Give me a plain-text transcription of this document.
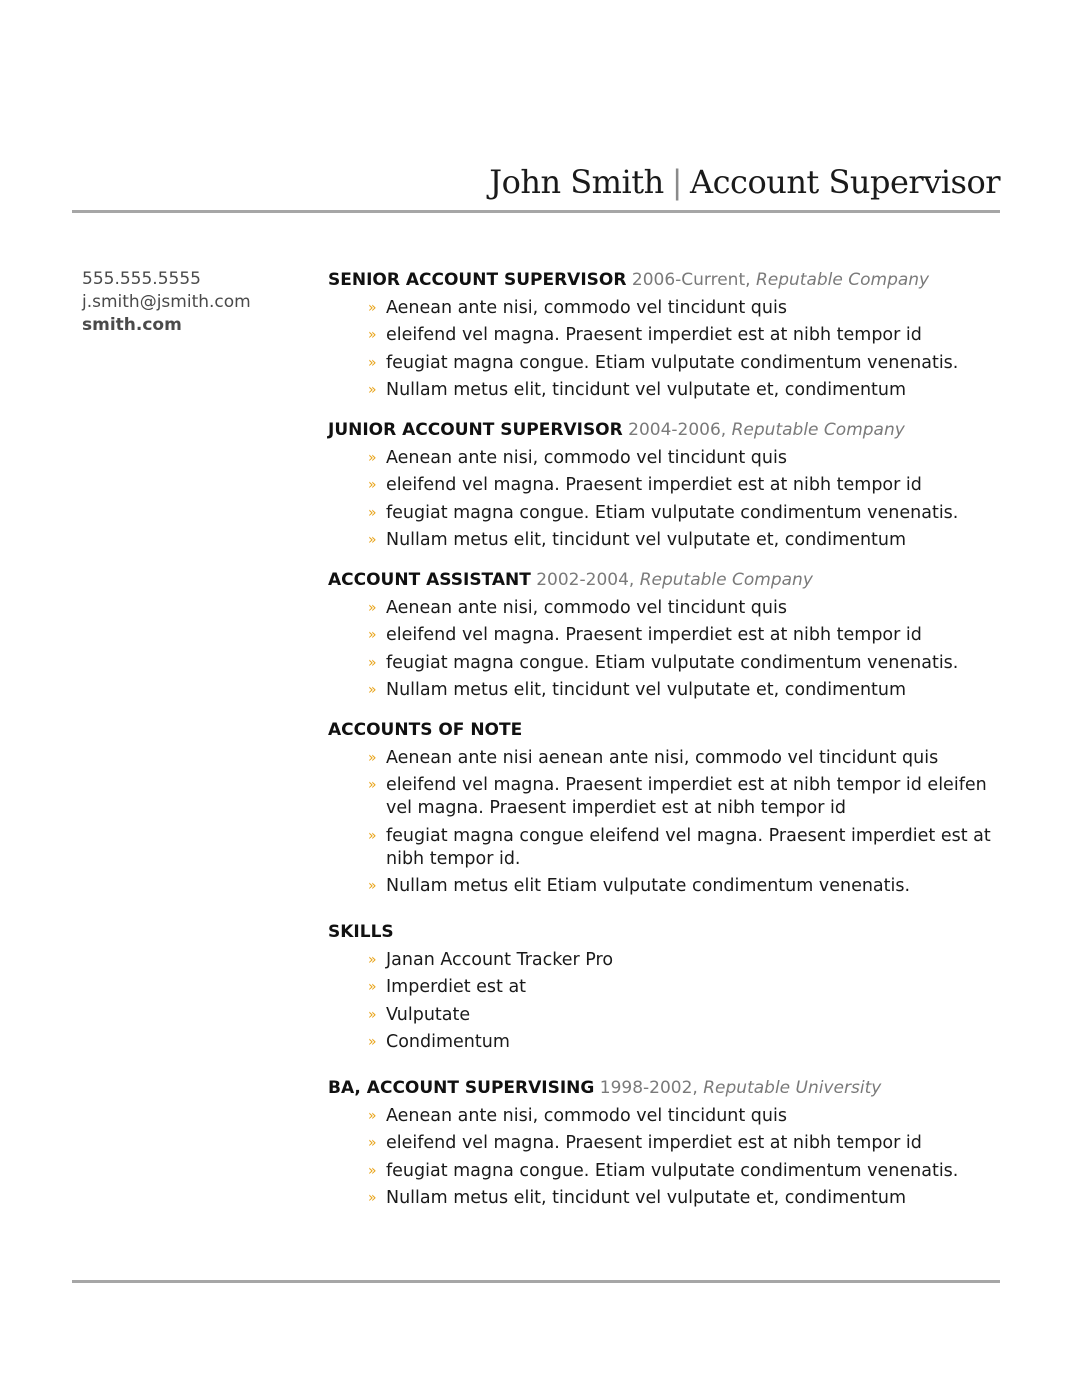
John Smith | Account Supervisor
555.555.5555
j.smith@jsmith.com
smith.com
SENIOR ACCOUNT SUPERVISOR 2006-Current, Reputable Company
» Aenean ante nisi, commodo vel tincidunt quis
» eleifend vel magna. Praesent imperdiet est at nibh tempor id
» feugiat magna congue. Etiam vulputate condimentum venenatis.
» Nullam metus elit, tincidunt vel vulputate et, condimentum
JUNIOR ACCOUNT SUPERVISOR 2004-2006, Reputable Company
» Aenean ante nisi, commodo vel tincidunt quis
» eleifend vel magna. Praesent imperdiet est at nibh tempor id
» feugiat magna congue. Etiam vulputate condimentum venenatis.
» Nullam metus elit, tincidunt vel vulputate et, condimentum
ACCOUNT ASSISTANT 2002-2004, Reputable Company
» Aenean ante nisi, commodo vel tincidunt quis
» eleifend vel magna. Praesent imperdiet est at nibh tempor id
» feugiat magna congue. Etiam vulputate condimentum venenatis.
» Nullam metus elit, tincidunt vel vulputate et, condimentum
ACCOUNTS OF NOTE
» Aenean ante nisi aenean ante nisi, commodo vel tincidunt quis
» eleifend vel magna. Praesent imperdiet est at nibh tempor id eleifen vel magna. Praesent imperdiet est at nibh tempor id
» feugiat magna congue eleifend vel magna. Praesent imperdiet est at nibh tempor id.
» Nullam metus elit Etiam vulputate condimentum venenatis.
SKILLS
» Janan Account Tracker Pro
» Imperdiet est at
» Vulputate
» Condimentum
BA, ACCOUNT SUPERVISING 1998-2002, Reputable University
» Aenean ante nisi, commodo vel tincidunt quis
» eleifend vel magna. Praesent imperdiet est at nibh tempor id
» feugiat magna congue. Etiam vulputate condimentum venenatis.
» Nullam metus elit, tincidunt vel vulputate et, condimentum
